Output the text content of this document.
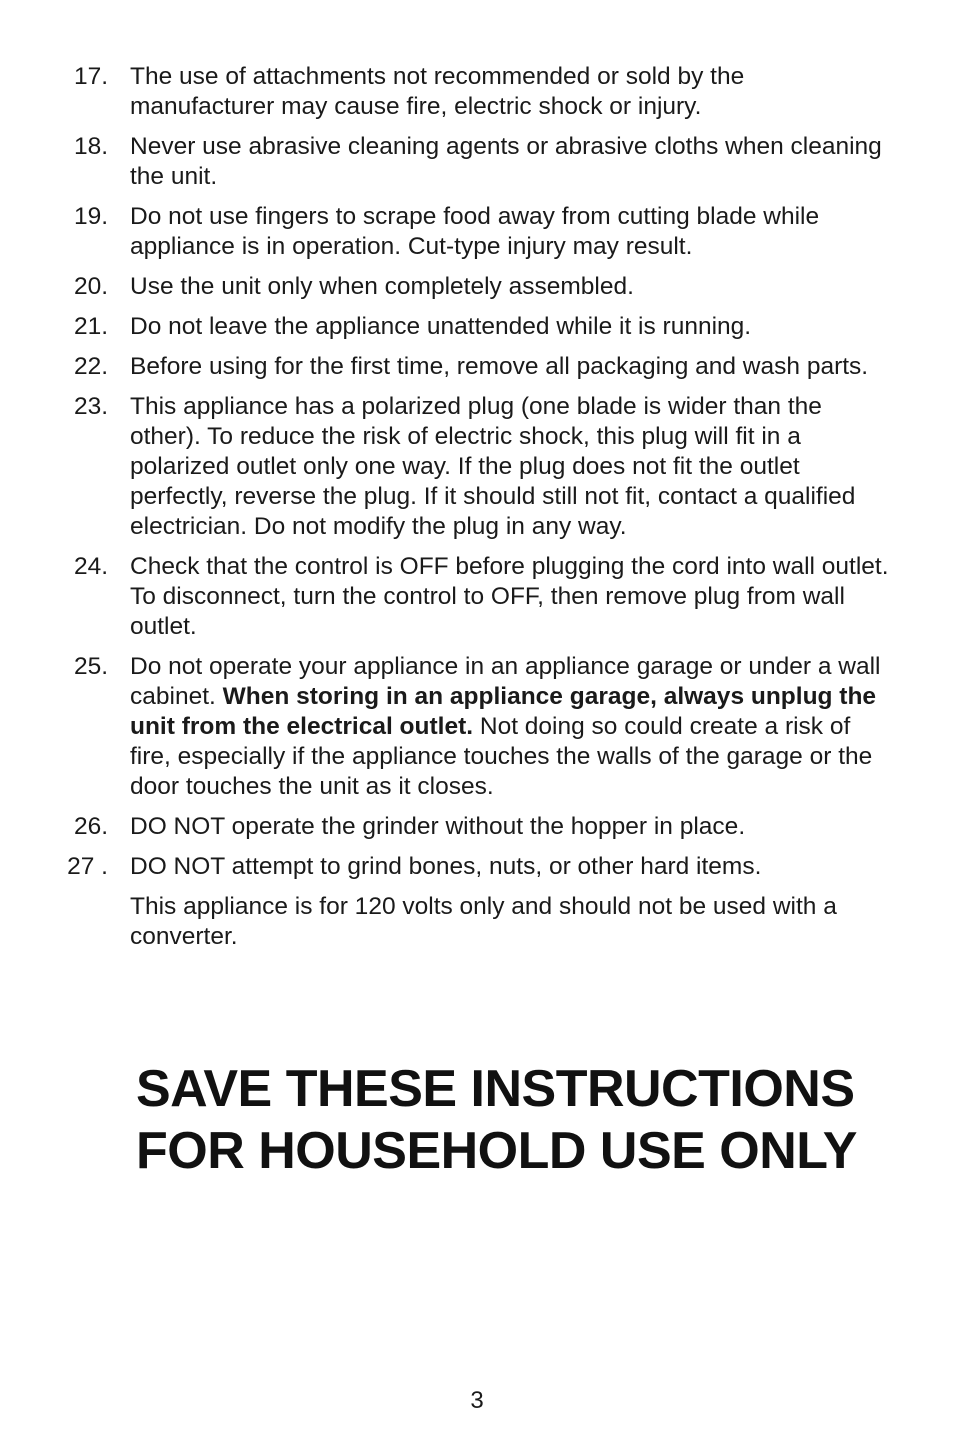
17. The use of attachments not recommended or sold by the manufacturer may cause fire, electric shock or injury.
18. Never use abrasive cleaning agents or abrasive cloths when cleaning the unit.
19. Do not use fingers to scrape food away from cutting blade while appliance is in operation. Cut-type injury may result.
20. Use the unit only when completely assembled.
21. Do not leave the appliance unattended while it is running.
22. Before using for the first time, remove all packaging and wash parts.
23. This appliance has a polarized plug (one blade is wider than the other). To reduce the risk of electric shock, this plug will fit in a polarized outlet only one way. If the plug does not fit the outlet perfectly, reverse the plug. If it should still not fit, contact a qualified electrician. Do not modify the plug in any way.
24. Check that the control is OFF before plugging the cord into wall outlet. To disconnect, turn the control to OFF, then remove plug from wall outlet.
25. Do not operate your appliance in an appliance garage or under a wall cabinet. When storing in an appliance garage, always unplug the unit from the electrical outlet. Not doing so could create a risk of fire, especially if the appliance touches the walls of the garage or the door touches the unit as it closes.
26. DO NOT operate the grinder without the hopper in place.
27 . DO NOT attempt to grind bones, nuts, or other hard items.
This appliance is for 120 volts only and should not be used with a converter.
SAVE THESE INSTRUCTIONS
FOR HOUSEHOLD USE ONLY
3
